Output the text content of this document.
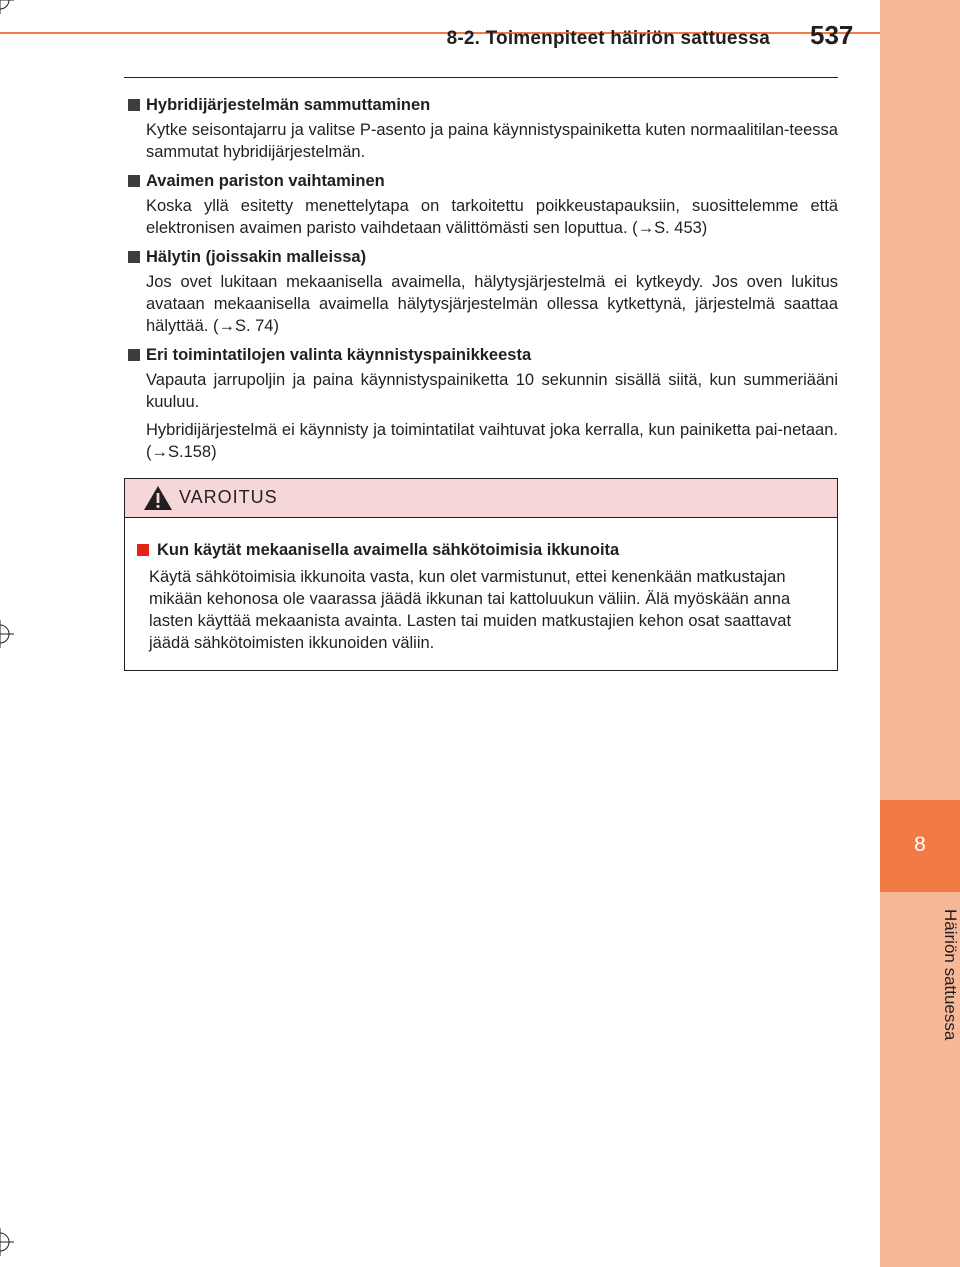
8-2. Toimenpiteet häiriön sattuessa 537
8
Häiriön sattuessa
Hybridijärjestelmän sammuttaminen

Kytke seisontajarru ja valitse P-asento ja paina käynnistyspainiketta kuten normaalitilan-teessa sammutat hybridijärjestelmän.

Avaimen pariston vaihtaminen

Koska yllä esitetty menettelytapa on tarkoitettu poikkeustapauksiin, suosittelemme että elektronisen avaimen paristo vaihdetaan välittömästi sen loputtua. (→S. 453)

Hälytin (joissakin malleissa)

Jos ovet lukitaan mekaanisella avaimella, hälytysjärjestelmä ei kytkeydy. Jos oven lukitus avataan mekaanisella avaimella hälytysjärjestelmän ollessa kytkettynä, järjestelmä saattaa hälyttää. (→S. 74)

Eri toimintatilojen valinta käynnistyspainikkeesta

Vapauta jarrupoljin ja paina käynnistyspainiketta 10 sekunnin sisällä siitä, kun summeriääni kuuluu.

Hybridijärjestelmä ei käynnisty ja toimintatilat vaihtuvat joka kerralla, kun painiketta pai-netaan. (→S.158)

VAROITUS
Kun käytät mekaanisella avaimella sähkötoimisia ikkunoita

Käytä sähkötoimisia ikkunoita vasta, kun olet varmistunut, ettei kenenkään matkustajan mikään kehonosa ole vaarassa jäädä ikkunan tai kattoluukun väliin. Älä myöskään anna lasten käyttää mekaanista avainta. Lasten tai muiden matkustajien kehon osat saattavat jäädä sähkötoimisten ikkunoiden väliin.
